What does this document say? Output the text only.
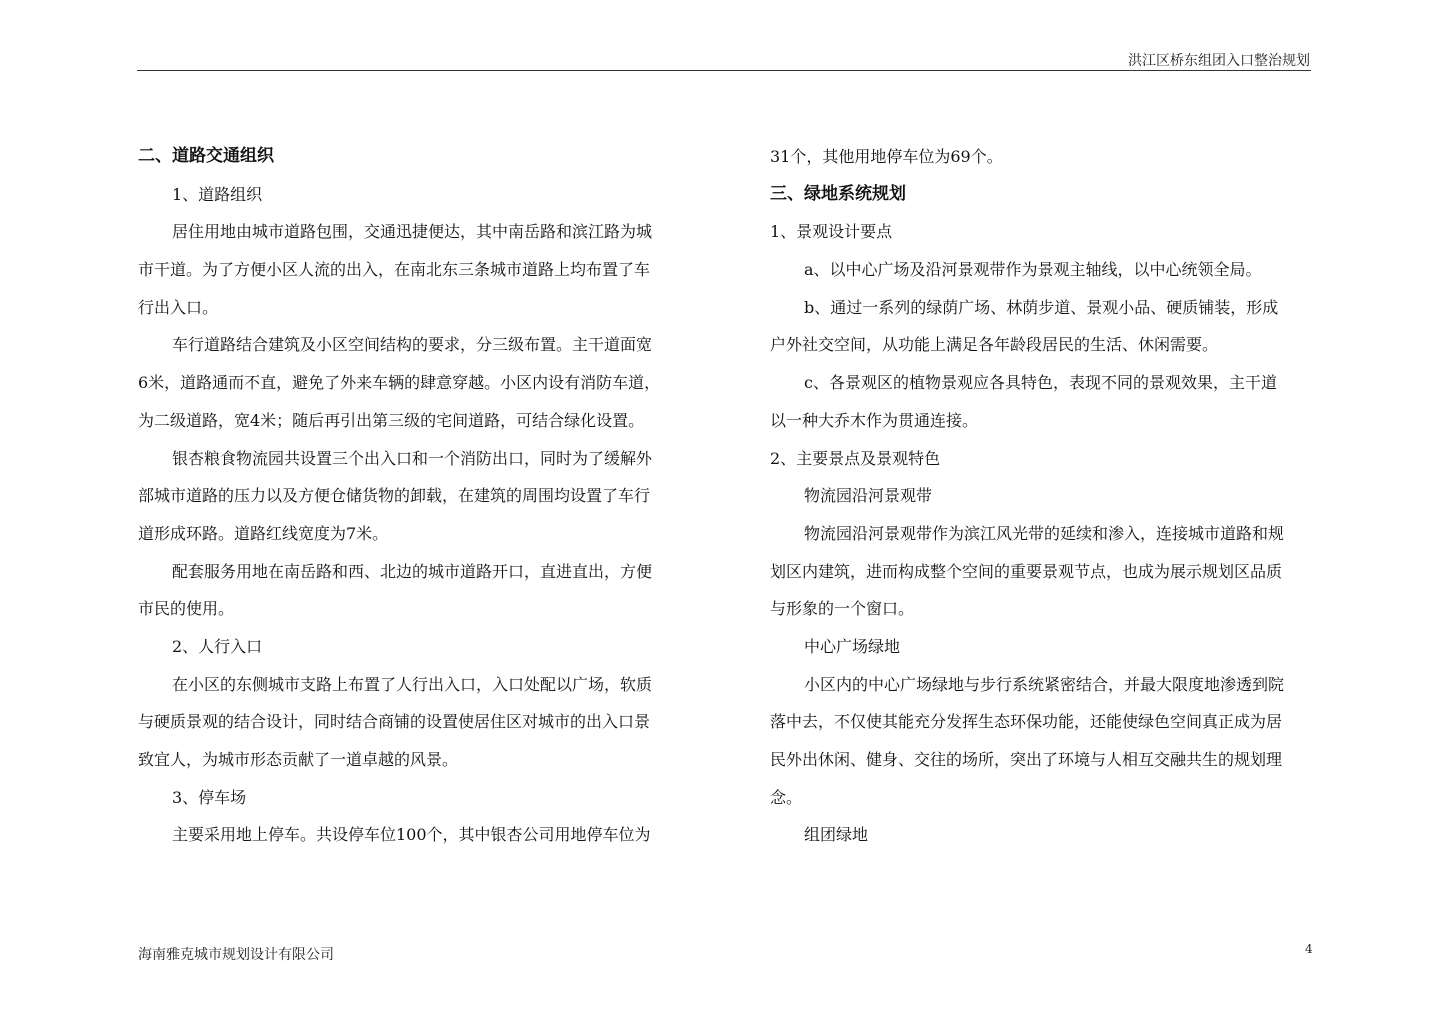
洪江区桥东组团入口整治规划
二、道路交通组织
1、道路组织
居住用地由城市道路包围，交通迅捷便达，其中南岳路和滨江路为城
市干道。为了方便小区人流的出入，在南北东三条城市道路上均布置了车
行出入口。
车行道路结合建筑及小区空间结构的要求，分三级布置。主干道面宽
6米，道路通而不直，避免了外来车辆的肆意穿越。小区内设有消防车道，
为二级道路，宽4米；随后再引出第三级的宅间道路，可结合绿化设置。
银杏粮食物流园共设置三个出入口和一个消防出口，同时为了缓解外
部城市道路的压力以及方便仓储货物的卸载，在建筑的周围均设置了车行
道形成环路。道路红线宽度为7米。
配套服务用地在南岳路和西、北边的城市道路开口，直进直出，方便
市民的使用。
2、人行入口
在小区的东侧城市支路上布置了人行出入口，入口处配以广场，软质
与硬质景观的结合设计，同时结合商铺的设置使居住区对城市的出入口景
致宜人，为城市形态贡献了一道卓越的风景。
3、停车场
主要采用地上停车。共设停车位100个，其中银杏公司用地停车位为
31个，其他用地停车位为69个。
三、绿地系统规划
1、景观设计要点
a、以中心广场及沿河景观带作为景观主轴线，以中心统领全局。
b、通过一系列的绿荫广场、林荫步道、景观小品、硬质铺装，形成
户外社交空间，从功能上满足各年龄段居民的生活、休闲需要。
c、各景观区的植物景观应各具特色，表现不同的景观效果，主干道
以一种大乔木作为贯通连接。
2、主要景点及景观特色
物流园沿河景观带
物流园沿河景观带作为滨江风光带的延续和渗入，连接城市道路和规
划区内建筑，进而构成整个空间的重要景观节点，也成为展示规划区品质
与形象的一个窗口。
中心广场绿地
小区内的中心广场绿地与步行系统紧密结合，并最大限度地渗透到院
落中去，不仅使其能充分发挥生态环保功能，还能使绿色空间真正成为居
民外出休闲、健身、交往的场所，突出了环境与人相互交融共生的规划理
念。
组团绿地
海南雅克城市规划设计有限公司	4
